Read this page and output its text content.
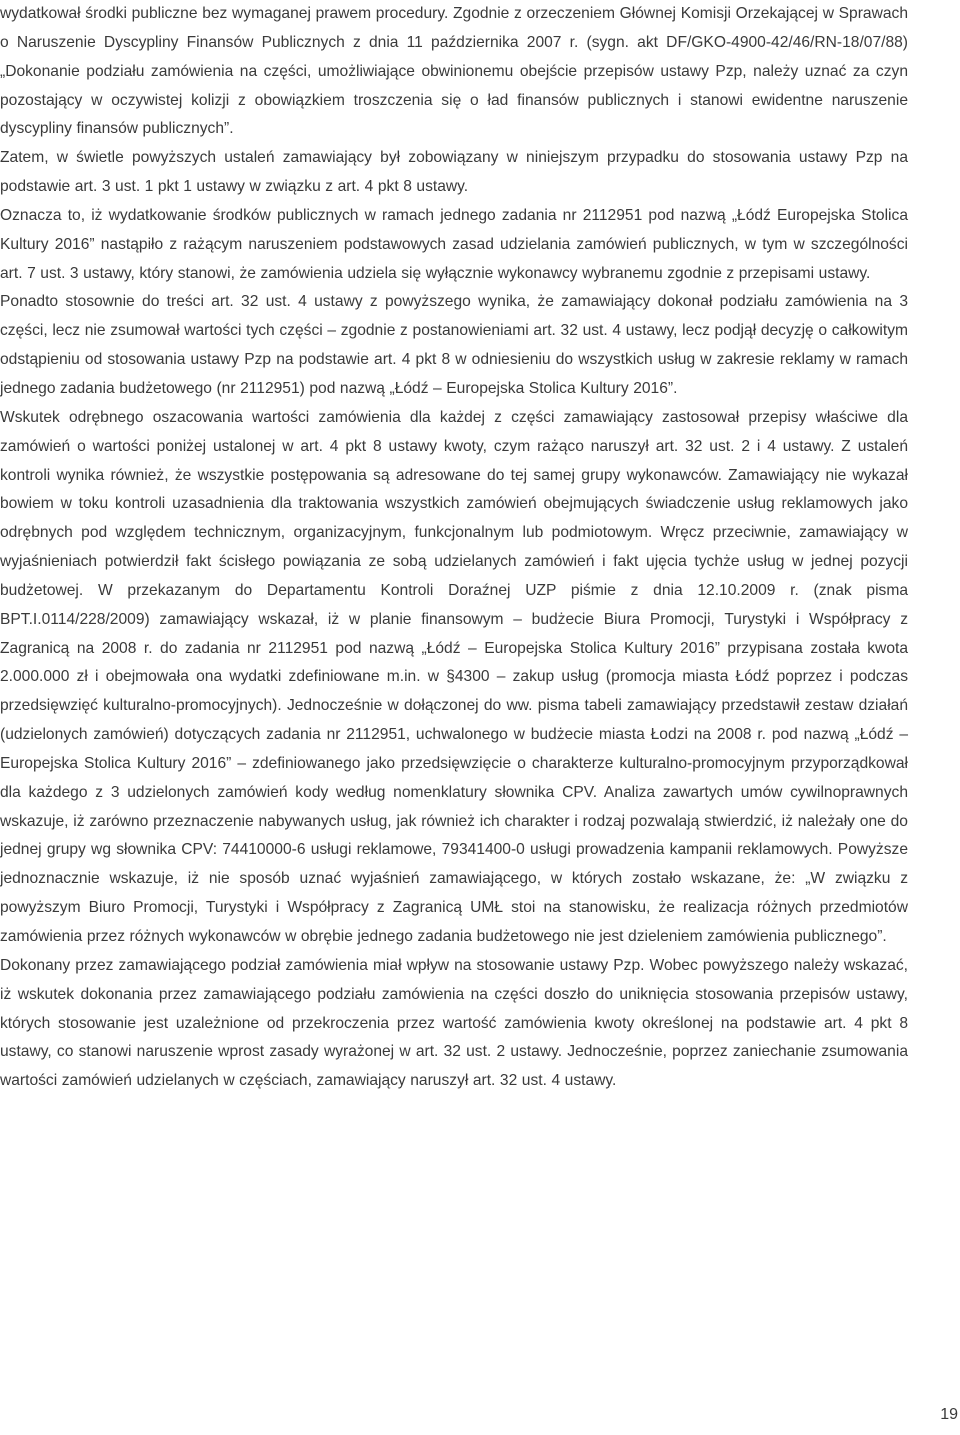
wydatkował środki publiczne bez wymaganej prawem procedury. Zgodnie z orzeczeniem Głównej Komisji Orzekającej w Sprawach o Naruszenie Dyscypliny Finansów Publicznych z dnia 11 października 2007 r. (sygn. akt DF/GKO-4900-42/46/RN-18/07/88) „Dokonanie podziału zamówienia na części, umożliwiające obwinionemu obejście przepisów ustawy Pzp, należy uznać za czyn pozostający w oczywistej kolizji z obowiązkiem troszczenia się o ład finansów publicznych i stanowi ewidentne naruszenie dyscypliny finansów publicznych”.

Zatem, w świetle powyższych ustaleń zamawiający był zobowiązany w niniejszym przypadku do stosowania ustawy Pzp na podstawie art. 3 ust. 1 pkt 1 ustawy w związku z art. 4 pkt 8 ustawy.

Oznacza to, iż wydatkowanie środków publicznych w ramach jednego zadania nr 2112951 pod nazwą „Łódź Europejska Stolica Kultury 2016” nastąpiło z rażącym naruszeniem podstawowych zasad udzielania zamówień publicznych, w tym w szczególności art. 7 ust. 3 ustawy, który stanowi, że zamówienia udziela się wyłącznie wykonawcy wybranemu zgodnie z przepisami ustawy.

Ponadto stosownie do treści art. 32 ust. 4 ustawy z powyższego wynika, że zamawiający dokonał podziału zamówienia na 3 części, lecz nie zsumował wartości tych części – zgodnie z postanowieniami art. 32 ust. 4 ustawy, lecz podjął decyzję o całkowitym odstąpieniu od stosowania ustawy Pzp na podstawie art. 4 pkt 8 w odniesieniu do wszystkich usług w zakresie reklamy w ramach jednego zadania budżetowego (nr 2112951) pod nazwą „Łódź – Europejska Stolica Kultury 2016”.

Wskutek odrębnego oszacowania wartości zamówienia dla każdej z części zamawiający zastosował przepisy właściwe dla zamówień o wartości poniżej ustalonej w art. 4 pkt 8 ustawy kwoty, czym rażąco naruszył art. 32 ust. 2 i 4 ustawy. Z ustaleń kontroli wynika również, że wszystkie postępowania są adresowane do tej samej grupy wykonawców. Zamawiający nie wykazał bowiem w toku kontroli uzasadnienia dla traktowania wszystkich zamówień obejmujących świadczenie usług reklamowych jako odrębnych pod względem technicznym, organizacyjnym, funkcjonalnym lub podmiotowym. Wręcz przeciwnie, zamawiający w wyjaśnieniach potwierdził fakt ścisłego powiązania ze sobą udzielanych zamówień i fakt ujęcia tychże usług w jednej pozycji budżetowej. W przekazanym do Departamentu Kontroli Doraźnej UZP piśmie z dnia 12.10.2009 r. (znak pisma BPT.I.0114/228/2009) zamawiający wskazał, iż w planie finansowym – budżecie Biura Promocji, Turystyki i Współpracy z Zagranicą na 2008 r. do zadania nr 2112951 pod nazwą „Łódź – Europejska Stolica Kultury 2016” przypisana została kwota 2.000.000 zł i obejmowała ona wydatki zdefiniowane m.in. w §4300 – zakup usług (promocja miasta Łódź poprzez i podczas przedsięwzięć kulturalno-promocyjnych). Jednocześnie w dołączonej do ww. pisma tabeli zamawiający przedstawił zestaw działań (udzielonych zamówień) dotyczących zadania nr 2112951, uchwalonego w budżecie miasta Łodzi na 2008 r. pod nazwą „Łódź – Europejska Stolica Kultury 2016” – zdefiniowanego jako przedsięwzięcie o charakterze kulturalno-promocyjnym przyporządkował dla każdego z 3 udzielonych zamówień kody według nomenklatury słownika CPV. Analiza zawartych umów cywilnoprawnych wskazuje, iż zarówno przeznaczenie nabywanych usług, jak również ich charakter i rodzaj pozwalają stwierdzić, iż należały one do jednej grupy wg słownika CPV: 74410000-6 usługi reklamowe, 79341400-0 usługi prowadzenia kampanii reklamowych. Powyższe jednoznacznie wskazuje, iż nie sposób uznać wyjaśnień zamawiającego, w których zostało wskazane, że: „W związku z powyższym Biuro Promocji, Turystyki i Współpracy z Zagranicą UMŁ stoi na stanowisku, że realizacja różnych przedmiotów zamówienia przez różnych wykonawców w obrębie jednego zadania budżetowego nie jest dzieleniem zamówienia publicznego”.

Dokonany przez zamawiającego podział zamówienia miał wpływ na stosowanie ustawy Pzp. Wobec powyższego należy wskazać, iż wskutek dokonania przez zamawiającego podziału zamówienia na części doszło do uniknięcia stosowania przepisów ustawy, których stosowanie jest uzależnione od przekroczenia przez wartość zamówienia kwoty określonej na podstawie art. 4 pkt 8 ustawy, co stanowi naruszenie wprost zasady wyrażonej w art. 32 ust. 2 ustawy. Jednocześnie, poprzez zaniechanie zsumowania wartości zamówień udzielanych w częściach, zamawiający naruszył art. 32 ust. 4 ustawy.

19
